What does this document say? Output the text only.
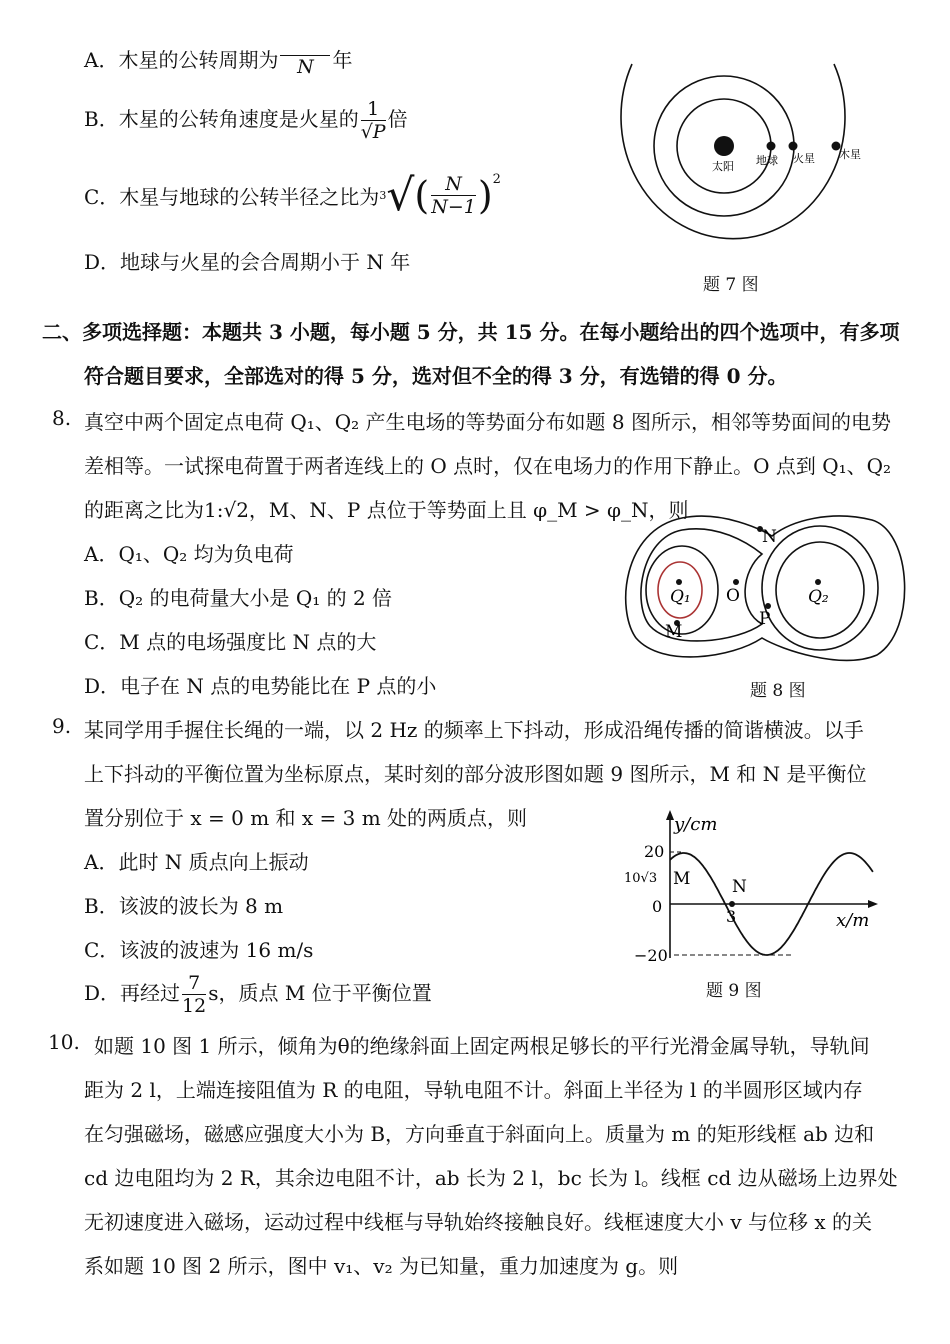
A．木星的公转周期为 N 年
B．木星的公转角速度是火星的 $\frac{1}{√P}$ 倍
C．木星与地球的公转半径之比为$^3√( \frac{N}{N-1} )^2$
D．地球与火星的会合周期小于 N 年
太阳 地球 火星 木星
题 7 图
二、多项选择题：本题共 3 小题，每小题 5 分，共 15 分。在每小题给出的四个选项中，有多项
符合题目要求，全部选对的得 5 分，选对但不全的得 3 分，有选错的得 0 分。
8. 真空中两个固定点电荷 Q₁、Q₂ 产生电场的等势面分布如题 8 图所示，相邻等势面间的电势
差相等。一试探电荷置于两者连线上的 O 点时，仅在电场力的作用下静止。O 点到 Q₁、Q₂
的距离之比为1:√2，M、N、P 点位于等势面上且 φ_M > φ_N，则
A．Q₁、Q₂ 均为负电荷
B．Q₂ 的电荷量大小是 Q₁ 的 2 倍
C．M 点的电场强度比 N 点的大
D．电子在 N 点的电势能比在 P 点的小
Q₁ O	Q₂
N
M
P
题 8 图
9. 某同学用手握住长绳的一端，以 2 Hz 的频率上下抖动，形成沿绳传播的简谐横波。以手
上下抖动的平衡位置为坐标原点，某时刻的部分波形图如题 9 图所示，M 和 N 是平衡位
置分别位于 x = 0 m 和 x = 3 m 处的两质点，则
A．此时 N 质点向上振动
B．该波的波长为 8 m
C．该波的波速为 16 m/s
D．再经过 $\frac{7}{12}$ s，质点 M 位于平衡位置
y/cm
x/m
20
10√3
0
−20
3
M N
题 9 图
10. 如题 10 图 1 所示，倾角为θ的绝缘斜面上固定两根足够长的平行光滑金属导轨，导轨间
距为 2 l，上端连接阻值为 R 的电阻，导轨电阻不计。斜面上半径为 l 的半圆形区域内存
在匀强磁场，磁感应强度大小为 B，方向垂直于斜面向上。质量为 m 的矩形线框 ab 边和
cd 边电阻均为 2 R，其余边电阻不计，ab 长为 2 l，bc 长为 l。线框 cd 边从磁场上边界处
无初速度进入磁场，运动过程中线框与导轨始终接触良好。线框速度大小 v 与位移 x 的关
系如题 10 图 2 所示，图中 v₁、v₂ 为已知量，重力加速度为 g。则
